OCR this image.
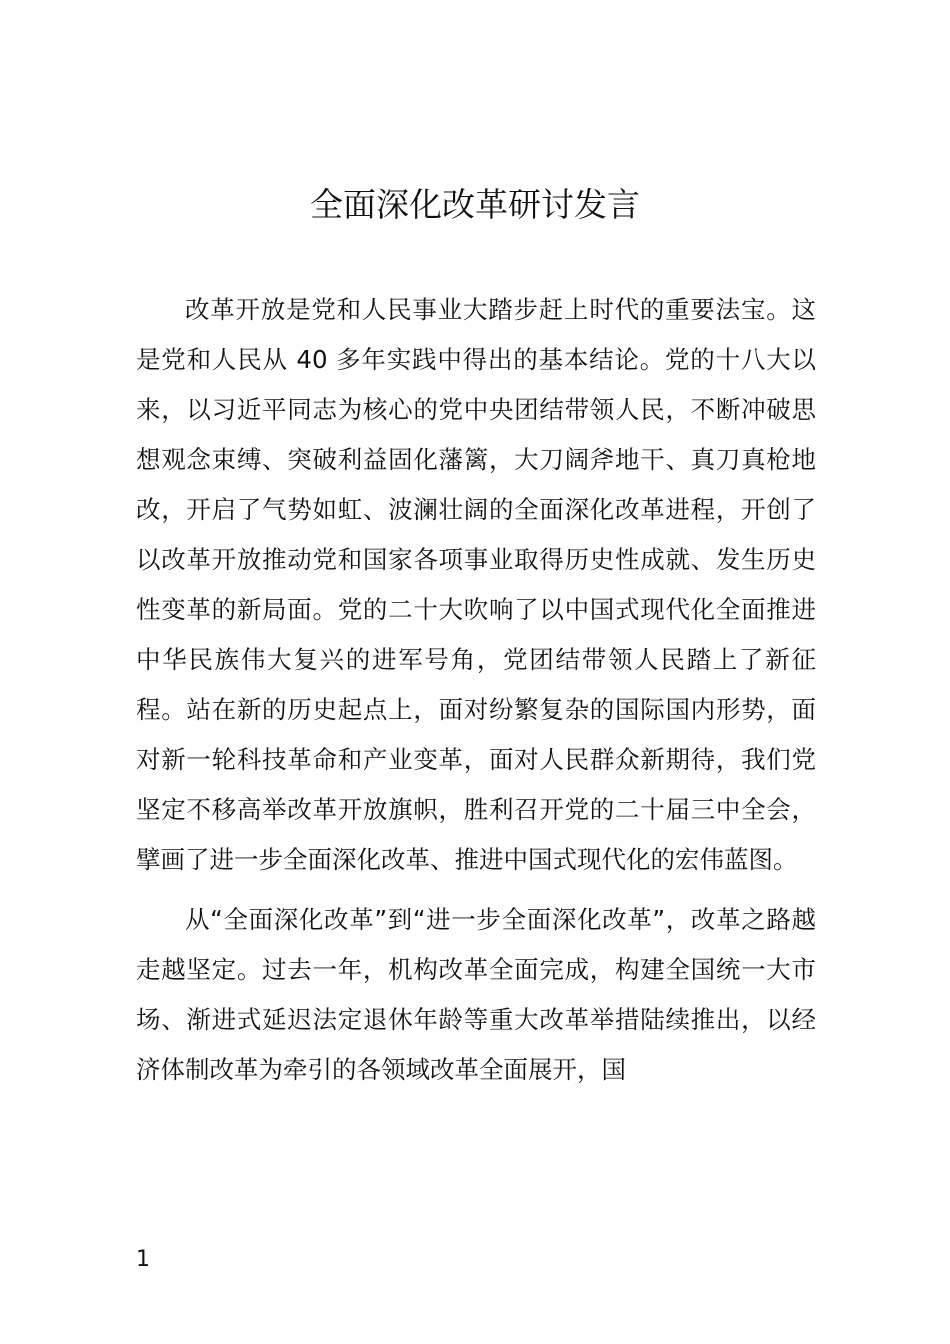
全面深化改革研讨发言

改革开放是党和人民事业大踏步赶上时代的重要法宝。这是党和人民从 40 多年实践中得出的基本结论。党的十八大以来，以习近平同志为核心的党中央团结带领人民，不断冲破思想观念束缚、突破利益固化藩篱，大刀阔斧地干、真刀真枪地改，开启了气势如虹、波澜壮阔的全面深化改革进程，开创了以改革开放推动党和国家各项事业取得历史性成就、发生历史性变革的新局面。党的二十大吹响了以中国式现代化全面推进中华民族伟大复兴的进军号角，党团结带领人民踏上了新征程。站在新的历史起点上，面对纷繁复杂的国际国内形势，面对新一轮科技革命和产业变革，面对人民群众新期待，我们党坚定不移高举改革开放旗帜，胜利召开党的二十届三中全会，擘画了进一步全面深化改革、推进中国式现代化的宏伟蓝图。

从“全面深化改革”到“进一步全面深化改革”，改革之路越走越坚定。过去一年，机构改革全面完成，构建全国统一大市场、渐进式延迟法定退休年龄等重大改革举措陆续推出，以经济体制改革为牵引的各领域改革全面展开，国

1
